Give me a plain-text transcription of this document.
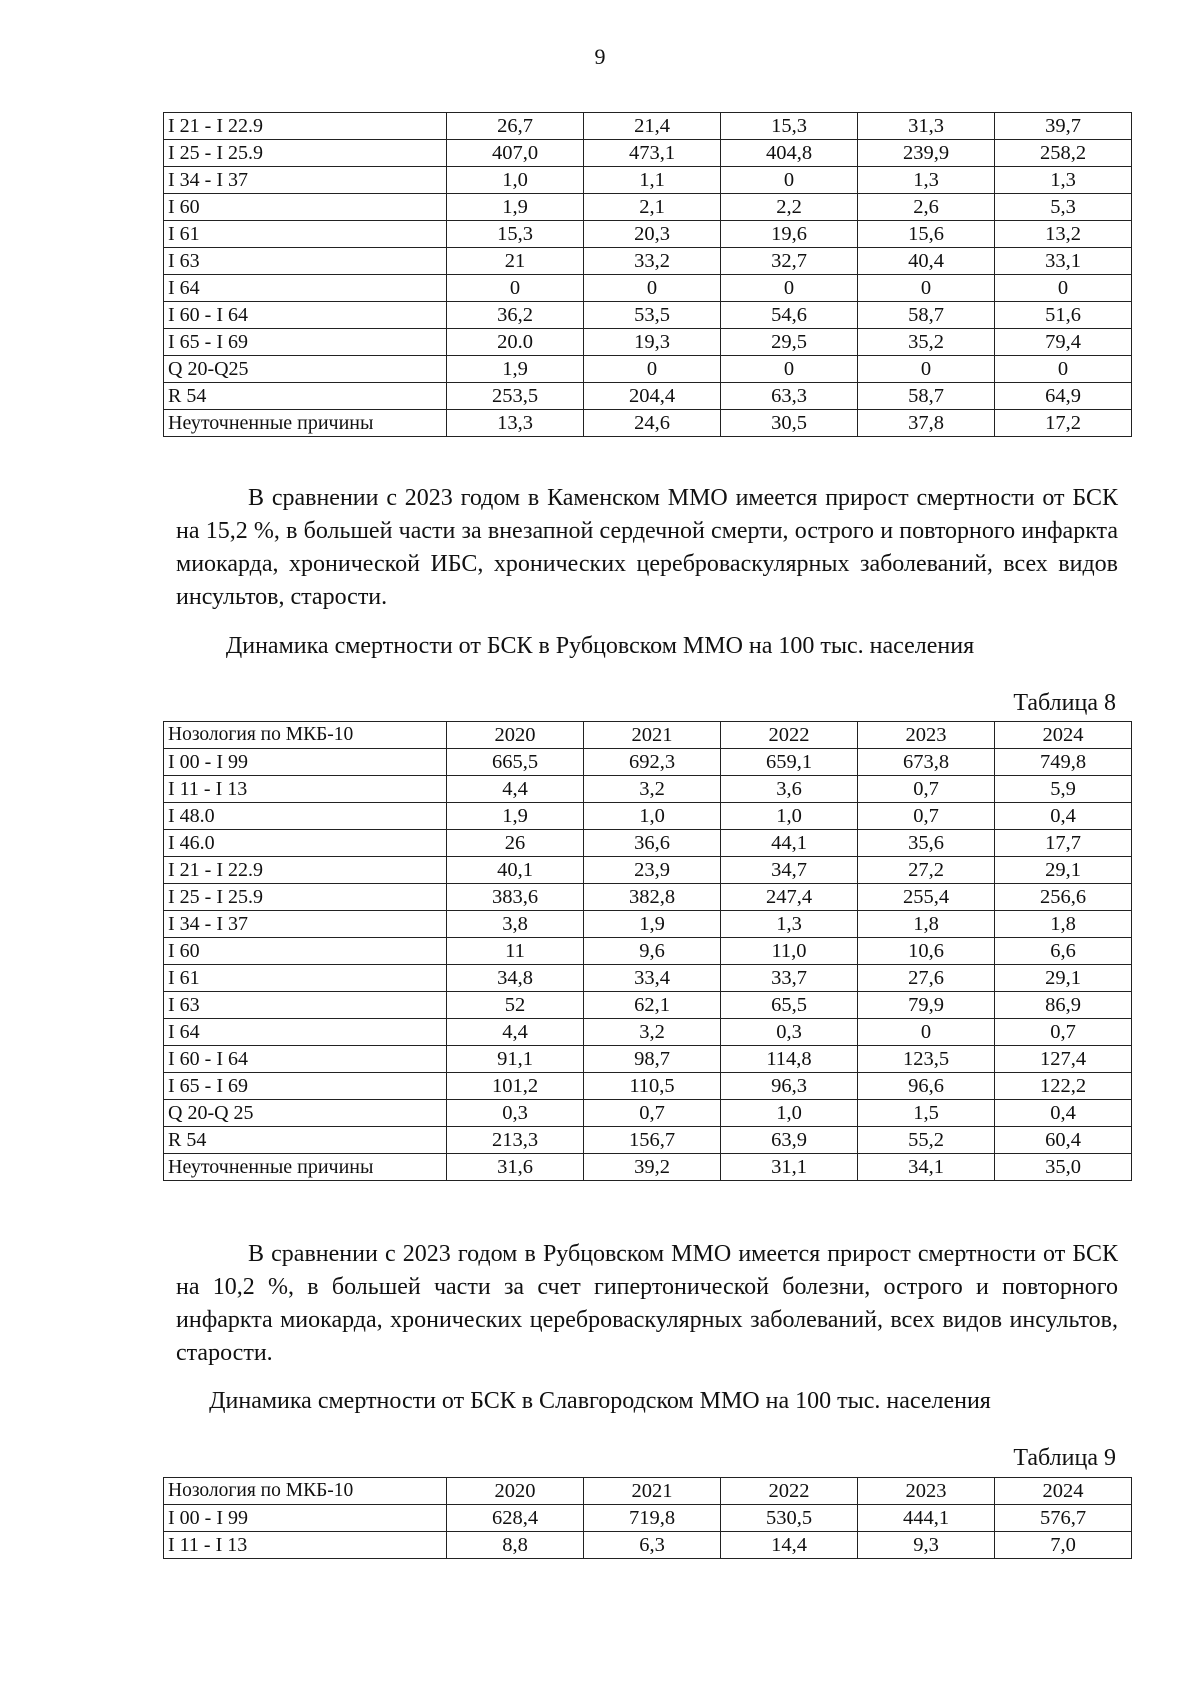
9
I 21 - I 22.9	26,7	21,4	15,3	31,3	39,7
I 25 - I 25.9	407,0	473,1	404,8	239,9	258,2
I 34 - I 37	1,0	1,1	0	1,3	1,3
I 60	1,9	2,1	2,2	2,6	5,3
I 61	15,3	20,3	19,6	15,6	13,2
I 63	21	33,2	32,7	40,4	33,1
I 64	0	0	0	0	0
I 60 - I 64	36,2	53,5	54,6	58,7	51,6
I 65 - I 69	20.0	19,3	29,5	35,2	79,4
Q 20-Q25	1,9	0	0	0	0
R 54	253,5	204,4	63,3	58,7	64,9
Неуточненные причины	13,3	24,6	30,5	37,8	17,2

В сравнении с 2023 годом в Каменском ММО имеется прирост смертности от БСК на 15,2 %, в большей части за внезапной сердечной смерти, острого и повторного инфаркта миокарда, хронической ИБС, хронических цереброваскулярных заболеваний, всех видов инсультов, старости.

Динамика смертности от БСК в Рубцовском ММО на 100 тыс. населения

Таблица 8

Нозология по МКБ-10	2020	2021	2022	2023	2024
I 00 - I 99	665,5	692,3	659,1	673,8	749,8
I 11 - I 13	4,4	3,2	3,6	0,7	5,9
I 48.0	1,9	1,0	1,0	0,7	0,4
I 46.0	26	36,6	44,1	35,6	17,7
I 21 - I 22.9	40,1	23,9	34,7	27,2	29,1
I 25 - I 25.9	383,6	382,8	247,4	255,4	256,6
I 34 - I 37	3,8	1,9	1,3	1,8	1,8
I 60	11	9,6	11,0	10,6	6,6
I 61	34,8	33,4	33,7	27,6	29,1
I 63	52	62,1	65,5	79,9	86,9
I 64	4,4	3,2	0,3	0	0,7
I 60 - I 64	91,1	98,7	114,8	123,5	127,4
I 65 - I 69	101,2	110,5	96,3	96,6	122,2
Q 20-Q 25	0,3	0,7	1,0	1,5	0,4
R 54	213,3	156,7	63,9	55,2	60,4
Неуточненные причины	31,6	39,2	31,1	34,1	35,0

В сравнении с 2023 годом в Рубцовском ММО имеется прирост смертности от БСК на 10,2 %, в большей части за счет гипертонической болезни, острого и повторного инфаркта миокарда, хронических цереброваскулярных заболеваний, всех видов инсультов, старости.

Динамика смертности от БСК в Славгородском ММО на 100 тыс. населения

Таблица 9

Нозология по МКБ-10	2020	2021	2022	2023	2024
I 00 - I 99	628,4	719,8	530,5	444,1	576,7
I 11 - I 13	8,8	6,3	14,4	9,3	7,0
